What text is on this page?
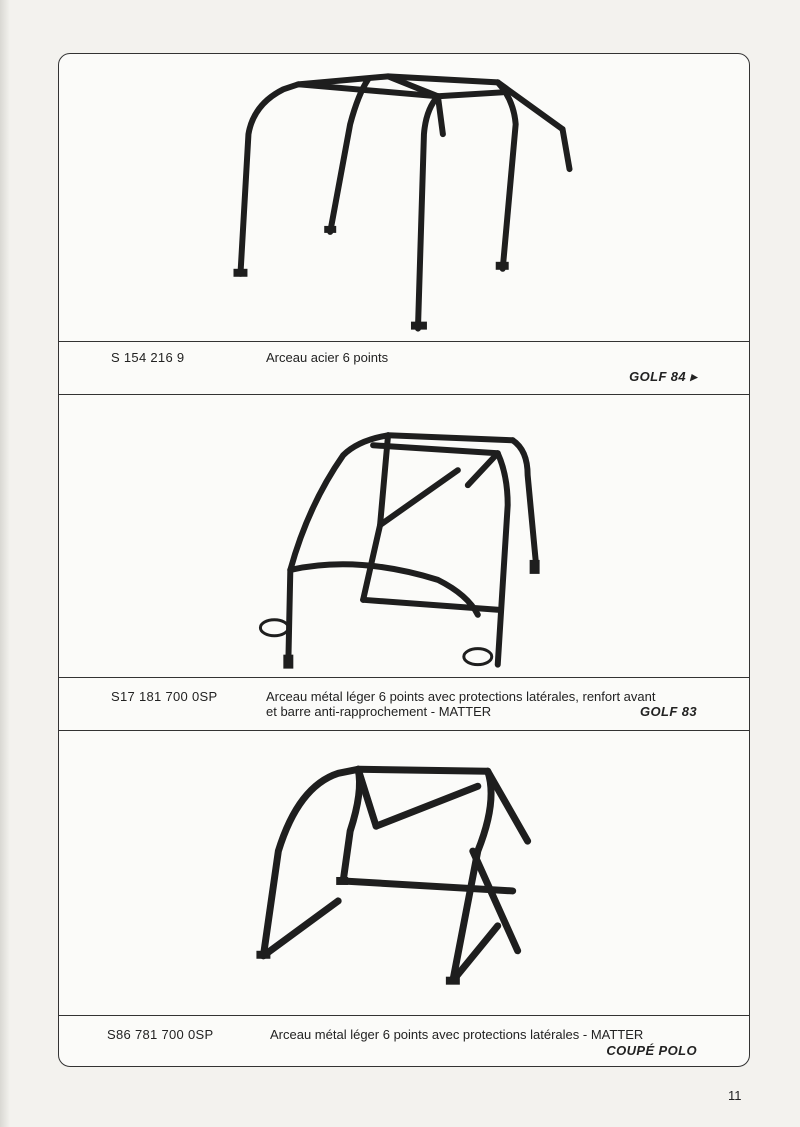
S 154 216 9	Arceau acier 6 points
GOLF 84 ▸
S17 181 700 0SP	Arceau métal léger 6 points avec protections latérales, renfort avant
et barre anti-rapprochement - MATTER	GOLF 83
S86 781 700 0SP	Arceau métal léger 6 points avec protections latérales - MATTER
COUPÉ POLO
11
